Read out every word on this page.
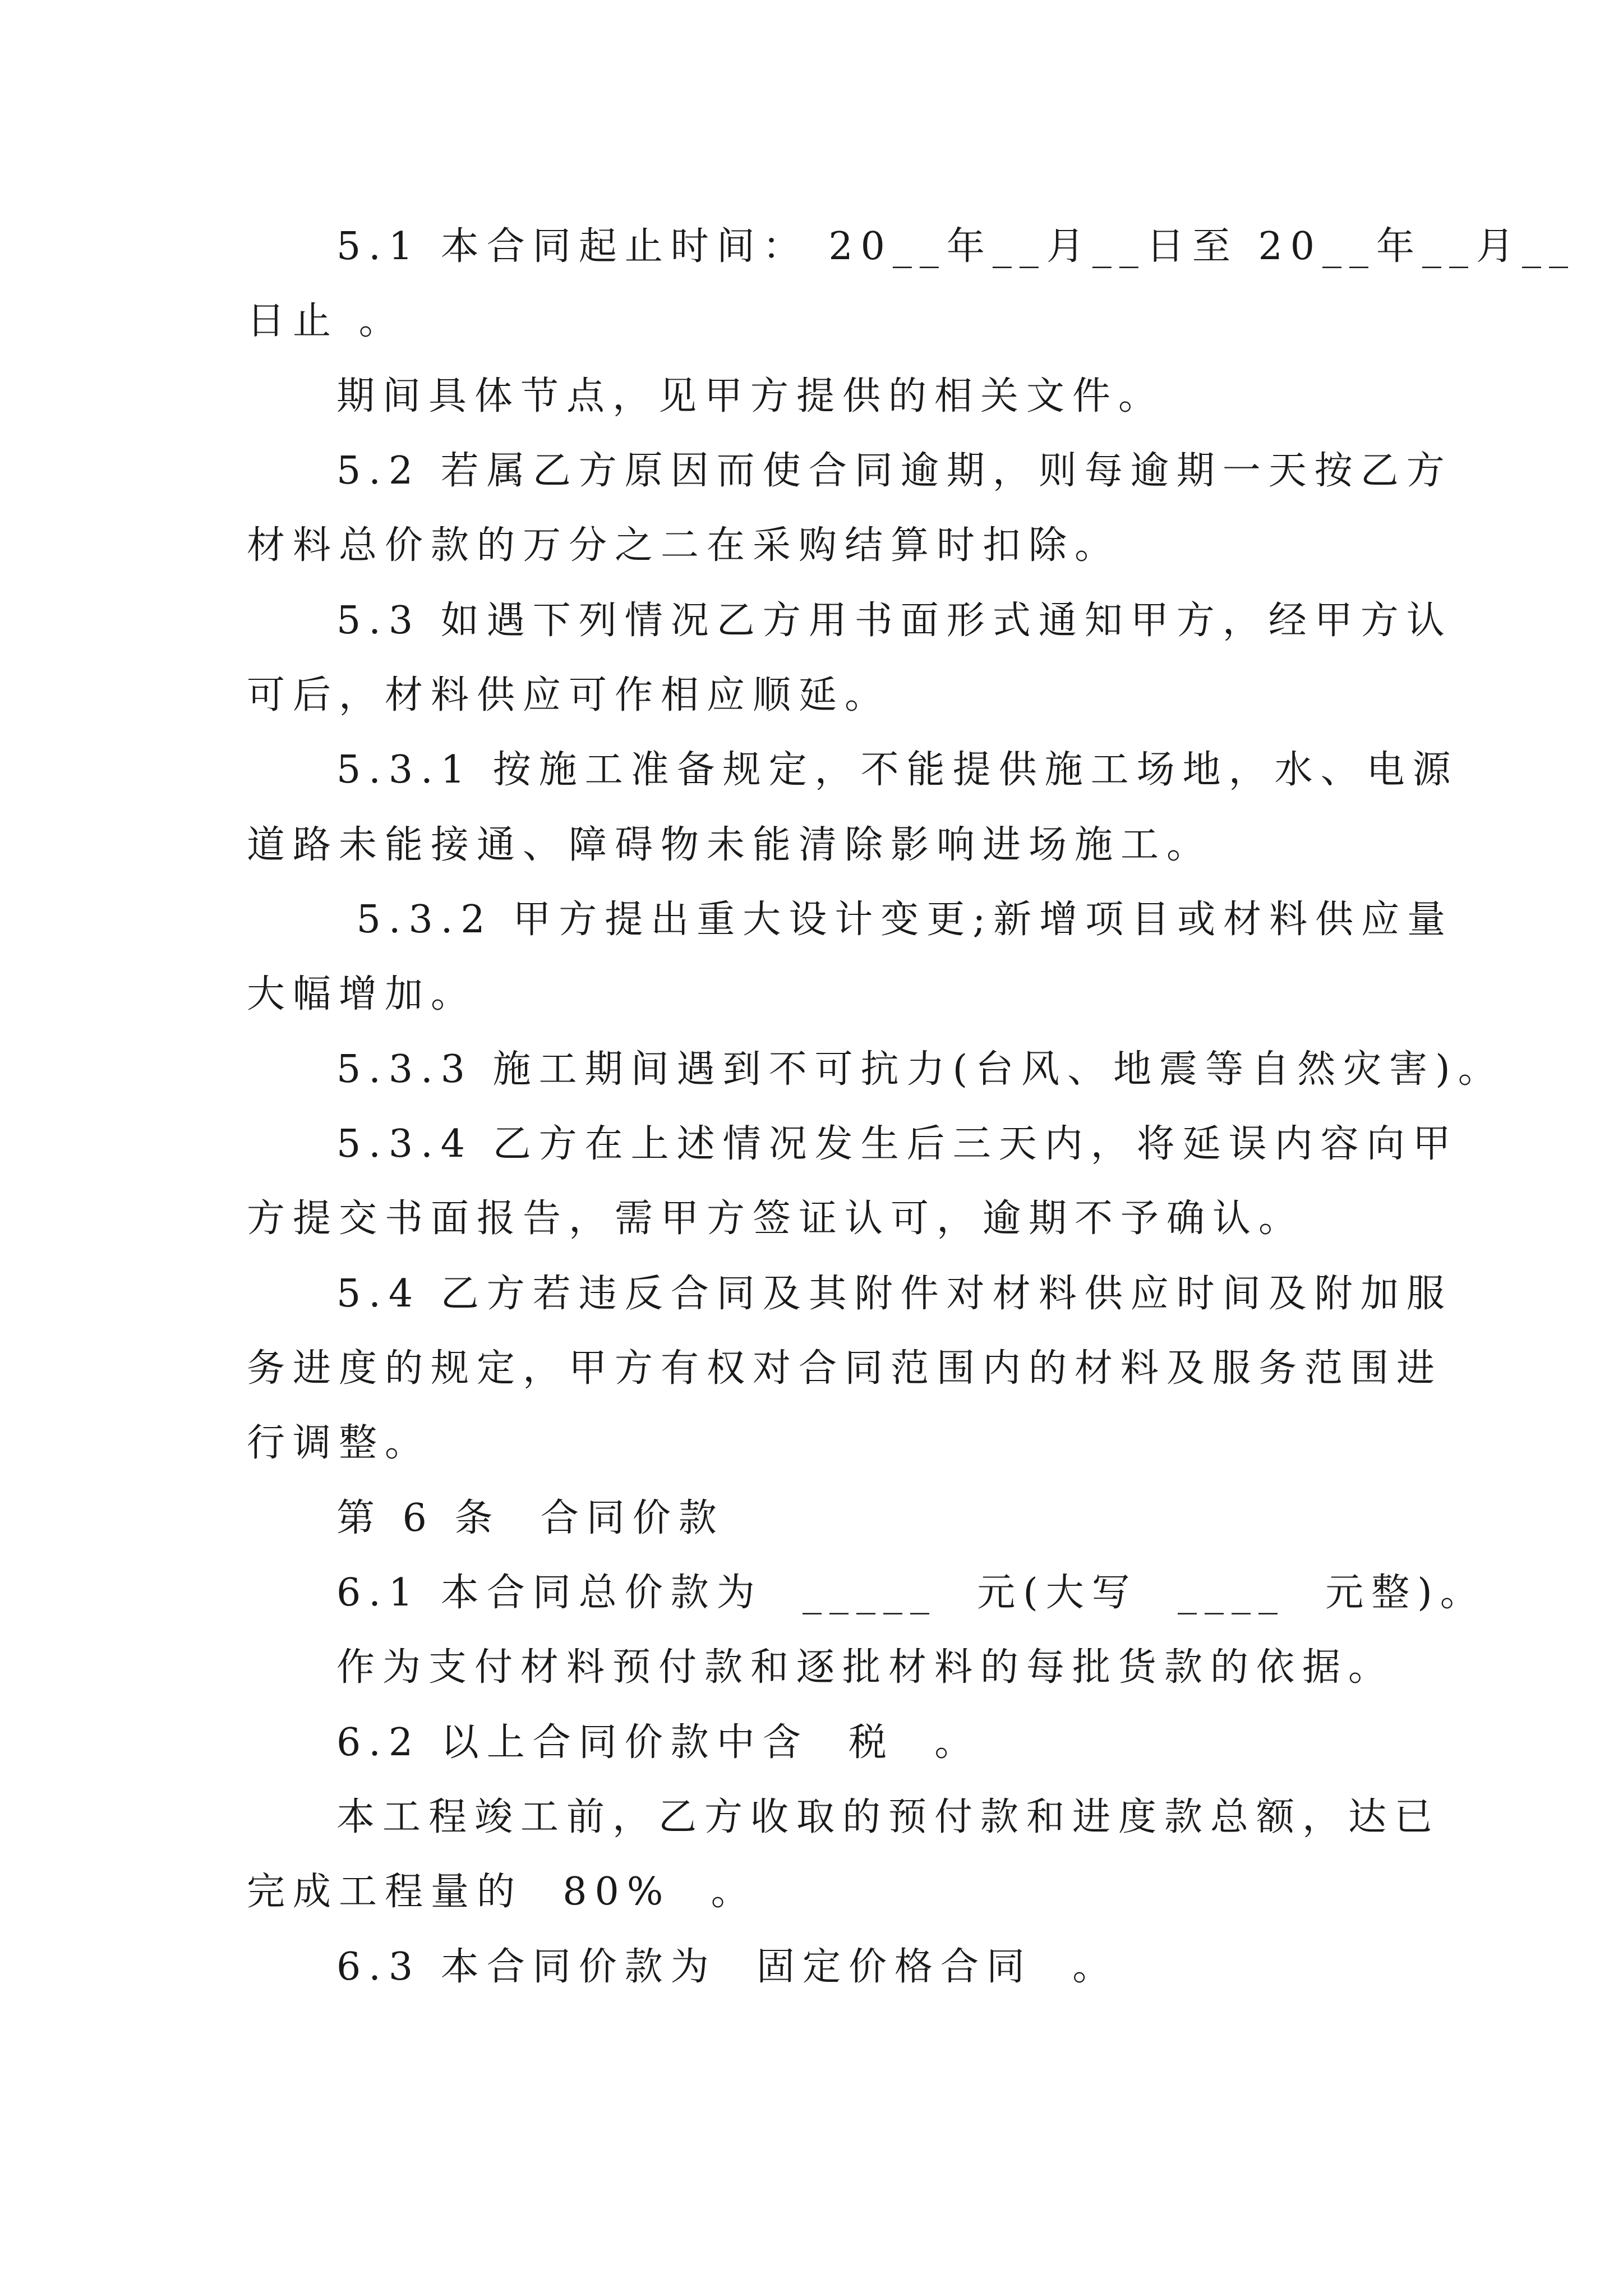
5.1 本合同起止时间： 20__年__月__日至 20__年__月__

日止 。

期间具体节点，见甲方提供的相关文件。

5.2 若属乙方原因而使合同逾期，则每逾期一天按乙方

材料总价款的万分之二在采购结算时扣除。

5.3 如遇下列情况乙方用书面形式通知甲方，经甲方认

可后，材料供应可作相应顺延。

5.3.1 按施工准备规定，不能提供施工场地，水、电源

道路未能接通、障碍物未能清除影响进场施工。

5.3.2 甲方提出重大设计变更;新增项目或材料供应量

大幅增加。

5.3.3 施工期间遇到不可抗力(台风、地震等自然灾害)。

5.3.4 乙方在上述情况发生后三天内，将延误内容向甲

方提交书面报告，需甲方签证认可，逾期不予确认。

5.4 乙方若违反合同及其附件对材料供应时间及附加服

务进度的规定，甲方有权对合同范围内的材料及服务范围进

行调整。

第 6 条  合同价款

6.1 本合同总价款为  _____  元(大写  ____  元整)。

作为支付材料预付款和逐批材料的每批货款的依据。

6.2 以上合同价款中含  税  。

本工程竣工前，乙方收取的预付款和进度款总额，达已

完成工程量的  80%  。

6.3 本合同价款为  固定价格合同  。
